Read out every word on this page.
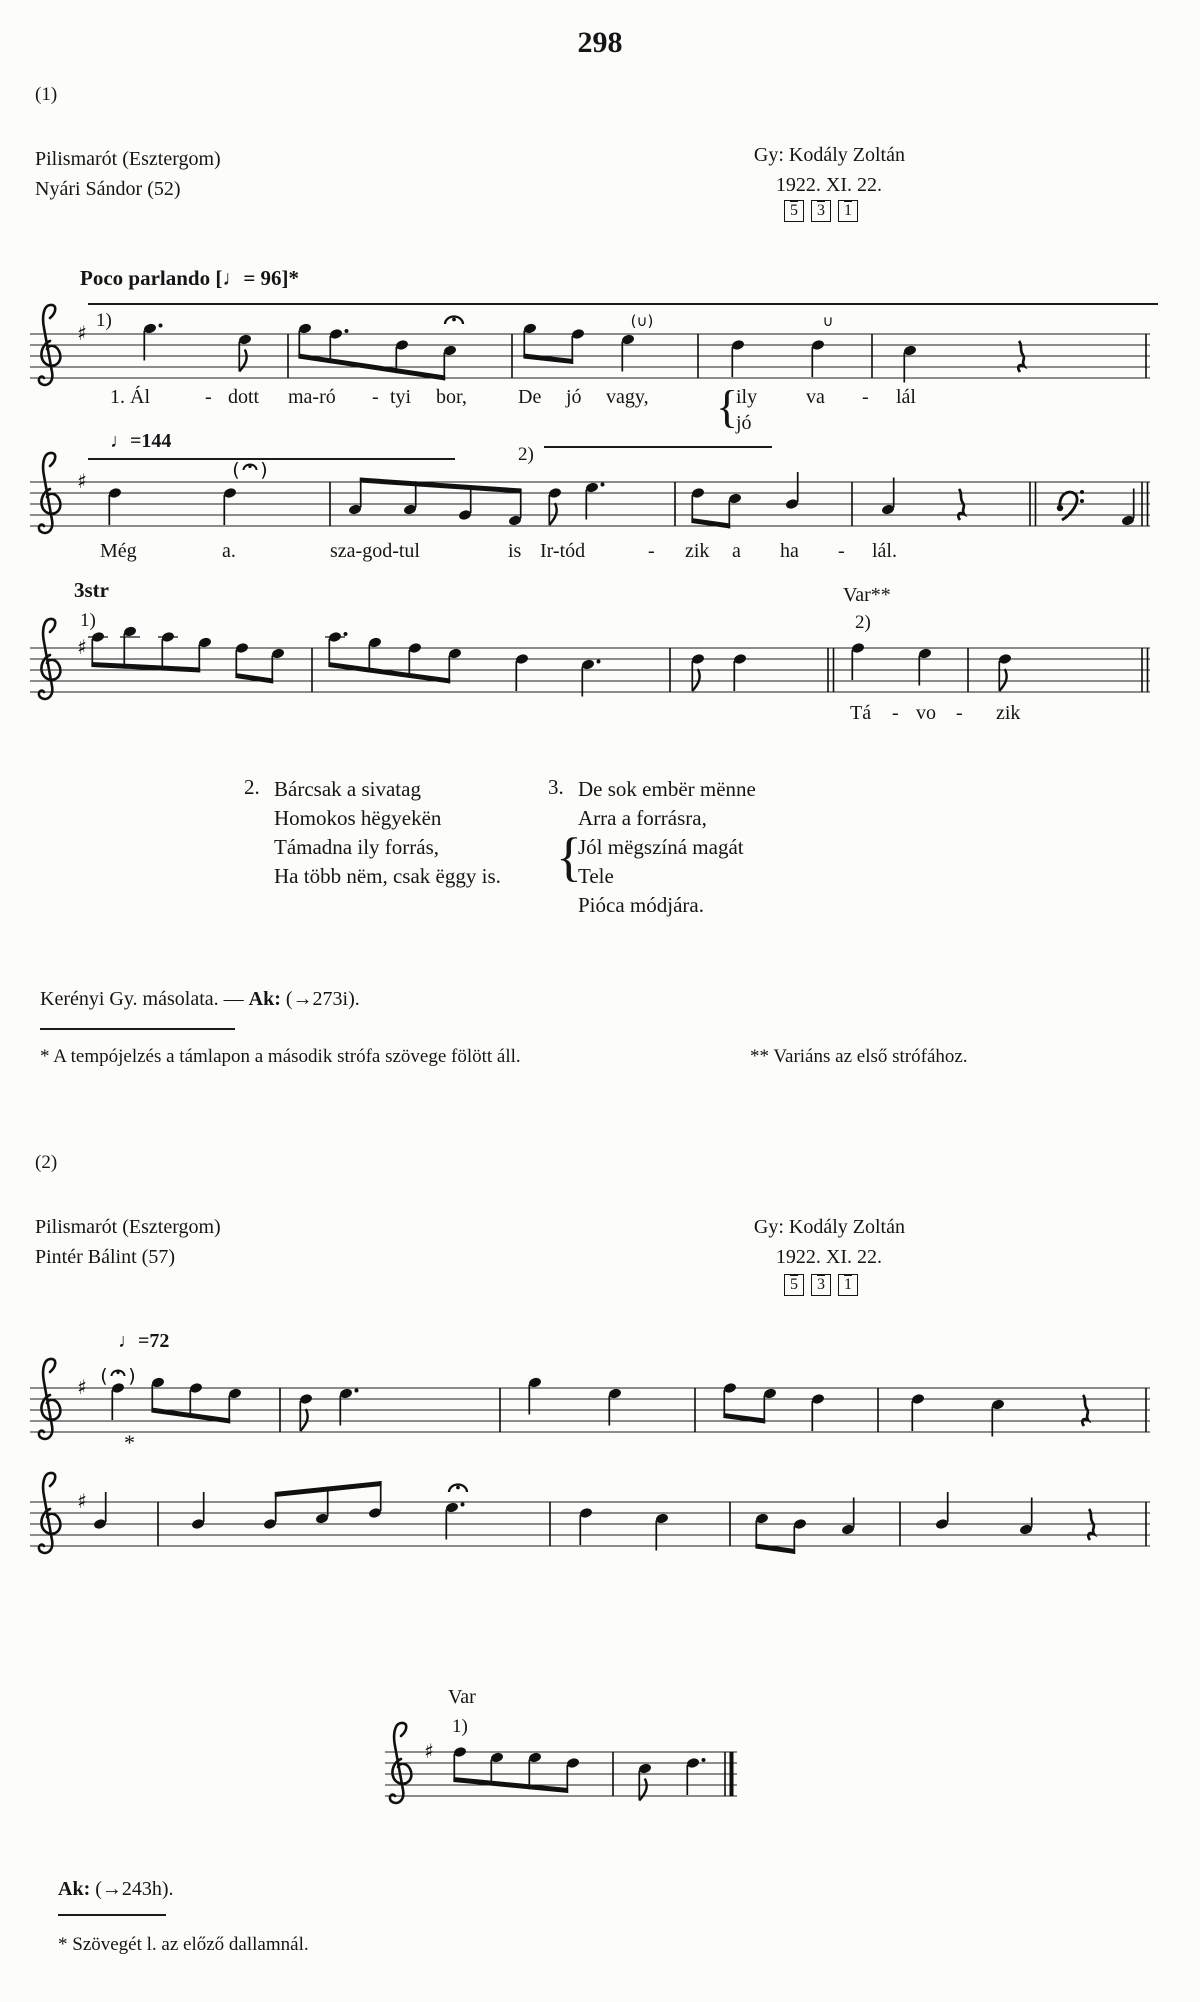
298
(1)
Pilismarót (Esztergom)
Nyári Sándor (52)
Gy: Kodály Zoltán
1922. XI. 22.
5	3	1
Poco parlando [♩= 96]*
1)
♩=144
2)
3str
1)
Var**
2)
2. Bárcsak a sivatag
Homokos hëgyekën
Támadna ily forrás,
Ha több nëm, csak ëggy is.
3.
{
De sok embër mënne
Arra a forrásra,
Jól mëgszíná magát
Tele
Pióca módjára.
Kerényi Gy. másolata. — Ak: (→273i).
* A tempójelzés a támlapon a második strófa szövege fölött áll.	** Variáns az első strófához.
(2)
Pilismarót (Esztergom)
Pintér Bálint (57)
Gy: Kodály Zoltán
1922. XI. 22.
5	3	1
♩=72
*
Var
1)
Ak: (→243h).
* Szövegét l. az előző dallamnál.
♯	(∪)	∪
♯	( )
♯
♯ ( )
♯
♯
1. Ál	- dott ma-ró - tyi bor,	De jó vagy, {
ily
jó
va - lál
Még	a.	sza-god-tul	is Ir-tód	- zik a ha - lál.
Tá - vo - zik
